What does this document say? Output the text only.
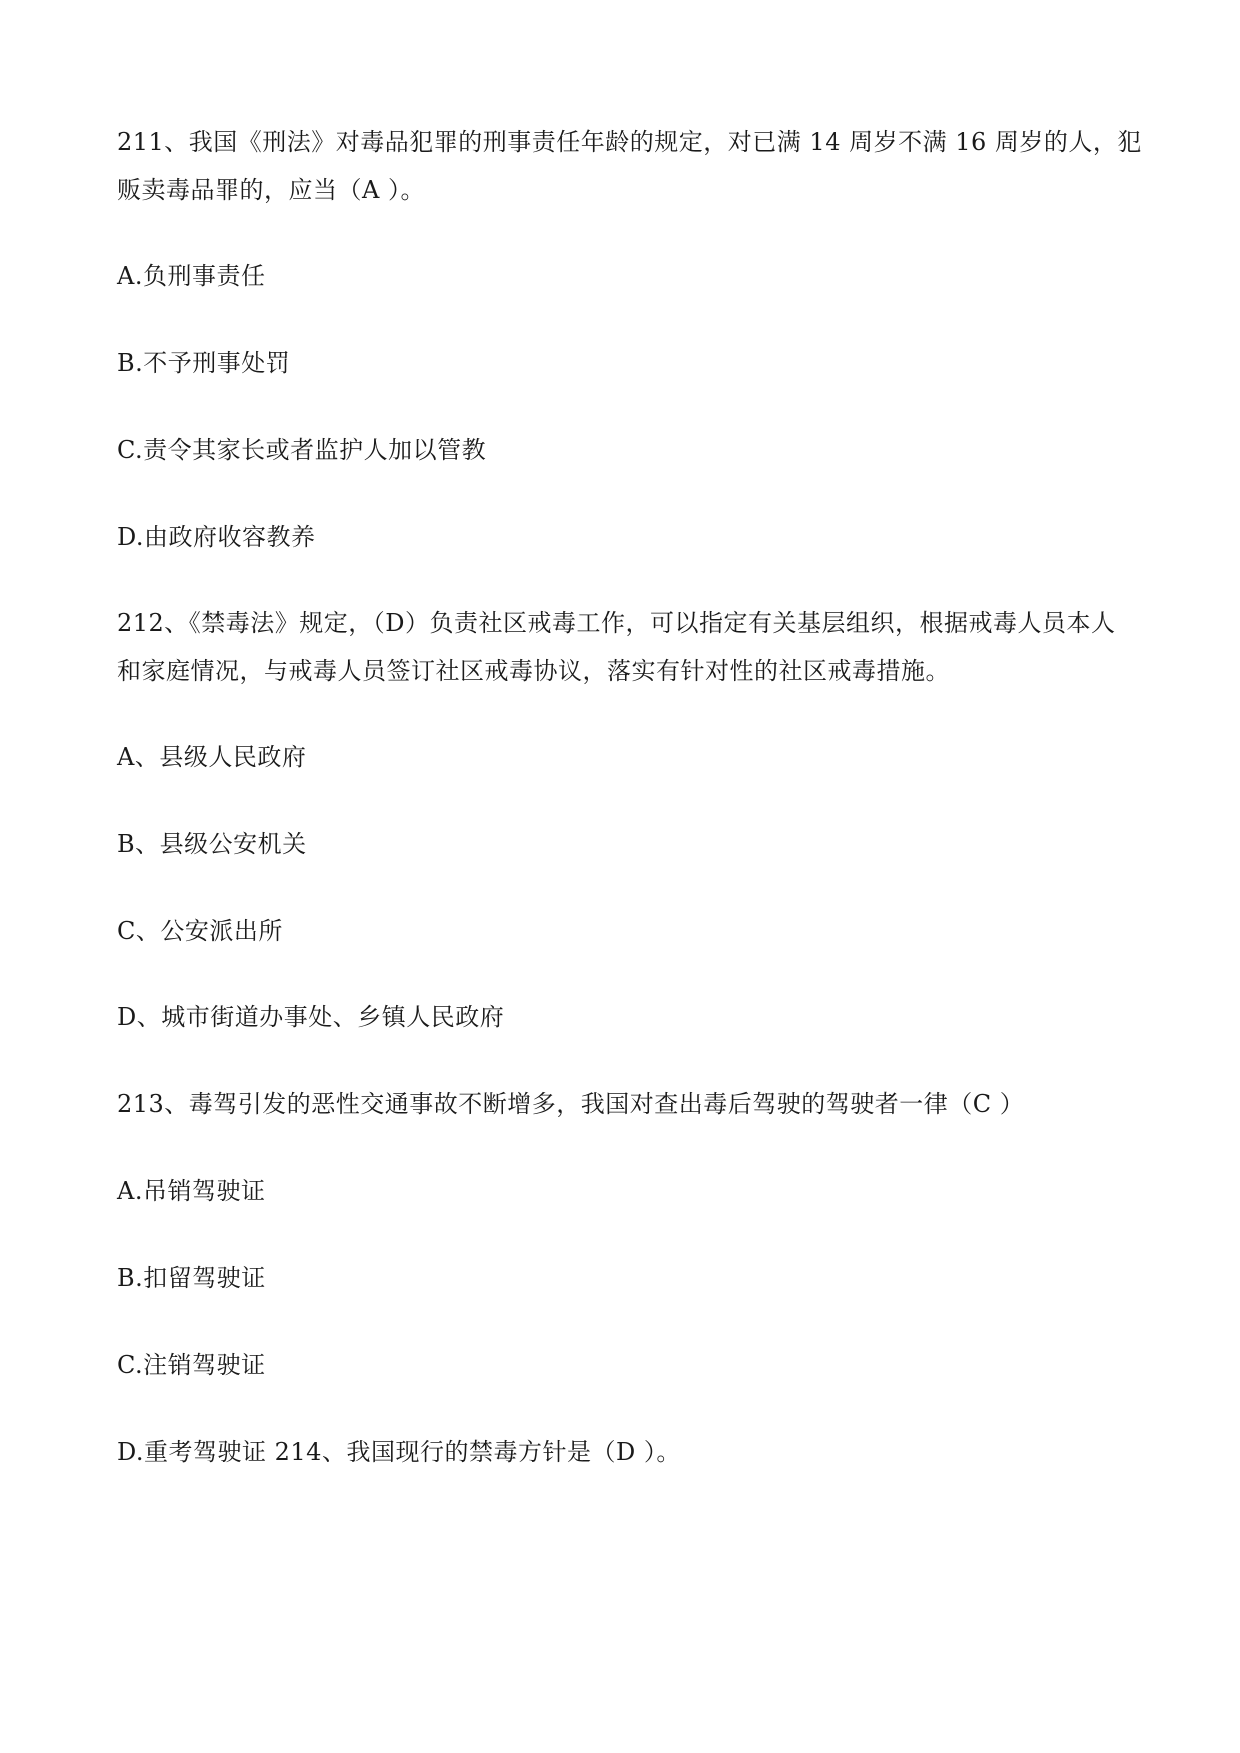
211、我国《刑法》对毒品犯罪的刑事责任年龄的规定，对已满 14 周岁不满 16 周岁的人，犯
贩卖毒品罪的，应当（A ）。
A.负刑事责任
B.不予刑事处罚
C.责令其家长或者监护人加以管教
D.由政府收容教养
212、《禁毒法》规定，（D）负责社区戒毒工作，可以指定有关基层组织，根据戒毒人员本人
和家庭情况，与戒毒人员签订社区戒毒协议，落实有针对性的社区戒毒措施。
A、县级人民政府
B、县级公安机关
C、公安派出所
D、城市街道办事处、乡镇人民政府
213、毒驾引发的恶性交通事故不断增多，我国对查出毒后驾驶的驾驶者一律（C ）
A.吊销驾驶证
B.扣留驾驶证
C.注销驾驶证
D.重考驾驶证 214、我国现行的禁毒方针是（D ）。
